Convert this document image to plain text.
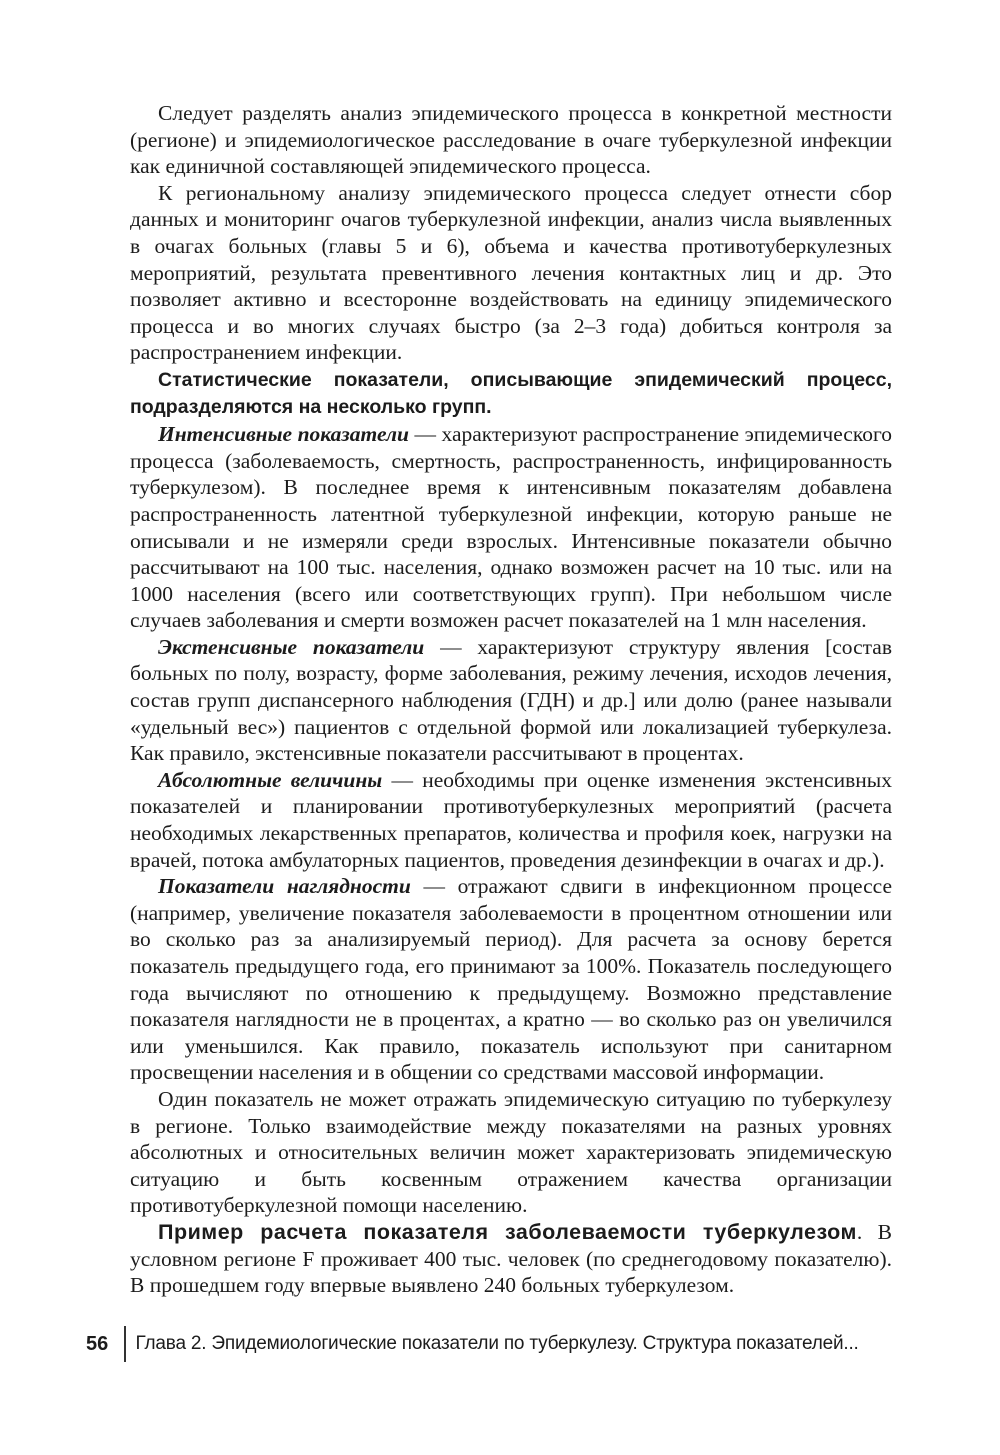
Следует разделять анализ эпидемического процесса в конкретной местности (регионе) и эпидемиологическое расследование в очаге туберкулезной инфекции как единичной составляющей эпидемического процесса.

К региональному анализу эпидемического процесса следует отнести сбор данных и мониторинг очагов туберкулезной инфекции, анализ числа выявленных в очагах больных (главы 5 и 6), объема и качества противотуберкулезных мероприятий, результата превентивного лечения контактных лиц и др. Это позволяет активно и всесторонне воздействовать на единицу эпидемического процесса и во многих случаях быстро (за 2–3 года) добиться контроля за распространением инфекции.

Статистические показатели, описывающие эпидемический процесс, подразделяются на несколько групп.

Интенсивные показатели — характеризуют распространение эпидемического процесса (заболеваемость, смертность, распространенность, инфицированность туберкулезом). В последнее время к интенсивным показателям добавлена распространенность латентной туберкулезной инфекции, которую раньше не описывали и не измеряли среди взрослых. Интенсивные показатели обычно рассчитывают на 100 тыс. населения, однако возможен расчет на 10 тыс. или на 1000 населения (всего или соответствующих групп). При небольшом числе случаев заболевания и смерти возможен расчет показателей на 1 млн населения.

Экстенсивные показатели — характеризуют структуру явления [состав больных по полу, возрасту, форме заболевания, режиму лечения, исходов лечения, состав групп диспансерного наблюдения (ГДН) и др.] или долю (ранее называли «удельный вес») пациентов с отдельной формой или локализацией туберкулеза. Как правило, экстенсивные показатели рассчитывают в процентах.

Абсолютные величины — необходимы при оценке изменения экстенсивных показателей и планировании противотуберкулезных мероприятий (расчета необходимых лекарственных препаратов, количества и профиля коек, нагрузки на врачей, потока амбулаторных пациентов, проведения дезинфекции в очагах и др.).

Показатели наглядности — отражают сдвиги в инфекционном процессе (например, увеличение показателя заболеваемости в процентном отношении или во сколько раз за анализируемый период). Для расчета за основу берется показатель предыдущего года, его принимают за 100%. Показатель последующего года вычисляют по отношению к предыдущему. Возможно представление показателя наглядности не в процентах, а кратно — во сколько раз он увеличился или уменьшился. Как правило, показатель используют при санитарном просвещении населения и в общении со средствами массовой информации.

Один показатель не может отражать эпидемическую ситуацию по туберкулезу в регионе. Только взаимодействие между показателями на разных уровнях абсолютных и относительных величин может характеризовать эпидемическую ситуацию и быть косвенным отражением качества организации противотуберкулезной помощи населению.

Пример расчета показателя заболеваемости туберкулезом. В условном регионе F проживает 400 тыс. человек (по среднегодовому показателю). В прошедшем году впервые выявлено 240 больных туберкулезом.

56	Глава 2. Эпидемиологические показатели по туберкулезу. Структура показателей...
